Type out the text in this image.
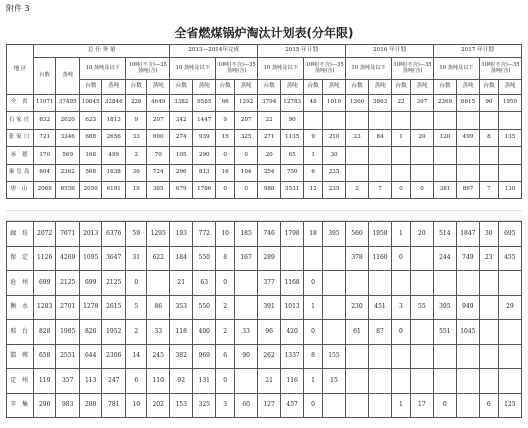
附件 3
全省燃煤锅炉淘汰计划表(分年限)
地 区	总 任 务 量						2013—2014年完成				2015 年计划				2016 年计划				2017 年计划			
	台数	蒸吨	10 蒸吨及以下		10吨(不含)—35 蒸吨(含)		10 蒸吨及以下		10吨(不含)—35 蒸吨(含)		10 蒸吨及以下		10吨(不含)—35 蒸吨(含)		10 蒸吨及以下		10吨(不含)—35 蒸吨(含)		10 蒸吨及以下		10吨(不含)—35 蒸吨(含)	
			台数	蒸吨	台数	蒸吨	台数	蒸吨	台数	蒸吨	台数	蒸吨	台数	蒸吨	台数	蒸吨	台数	蒸吨	台数	蒸吨	台数	蒸吨
全 省	11071	37495	10845	32846	226	4649	3382	9585	66	1292	3794	12783	48	1010	1300	3863	22	397	2369	6615	90	1950
石家庄	632	2020	623	1813	9	207	342	1447	9	207	22	90										
张家口	721	3346	688	2656	33	690	274	939	15	325	271	1135	9	210	23	84	1	20	120	499	8	135
承 德	170	569	168	499	2	70	105	290	0	0	20	65	1	30								
秦皇岛	604	2362	568	1638	36	724	296	813	16	194	254	750	6	235								
唐 山	2069	6556	2050	6191	19	365	679	1786	0	0	988	3531	12	235	2	7	0	0	381	867	7	130
廊 坊	2072	7671	2013	6376	59	1295	193	772	10	185	746	1798	18	395	560	1958	1	20	514	1847	30	695
保 定	1126	4269	1095	3647	31	622	184	550	8	167	289				378	1160	0		244	749	23	455
沧 州	699	2125	699	2125	0		21	63	0		377	1168	0									
衡 水	1283	2701	1278	2615	5	86	353	550	2		391	1013	1		230	451	3	55	395	949		29
邢 台	828	1985	826	1952	2	33	118	400	2	33	96	420	0		61	87	0		551	1045		
邯 郸	658	2551	644	2306	14	245	382	969	6	90	262	1337	8	155								
定 州	119	357	113	247	6	110	92	131	0		21	116	1	15								
辛 集	290	983	280	781	10	202	153	325	3	60	127	457	0				1	17	0		6	125
